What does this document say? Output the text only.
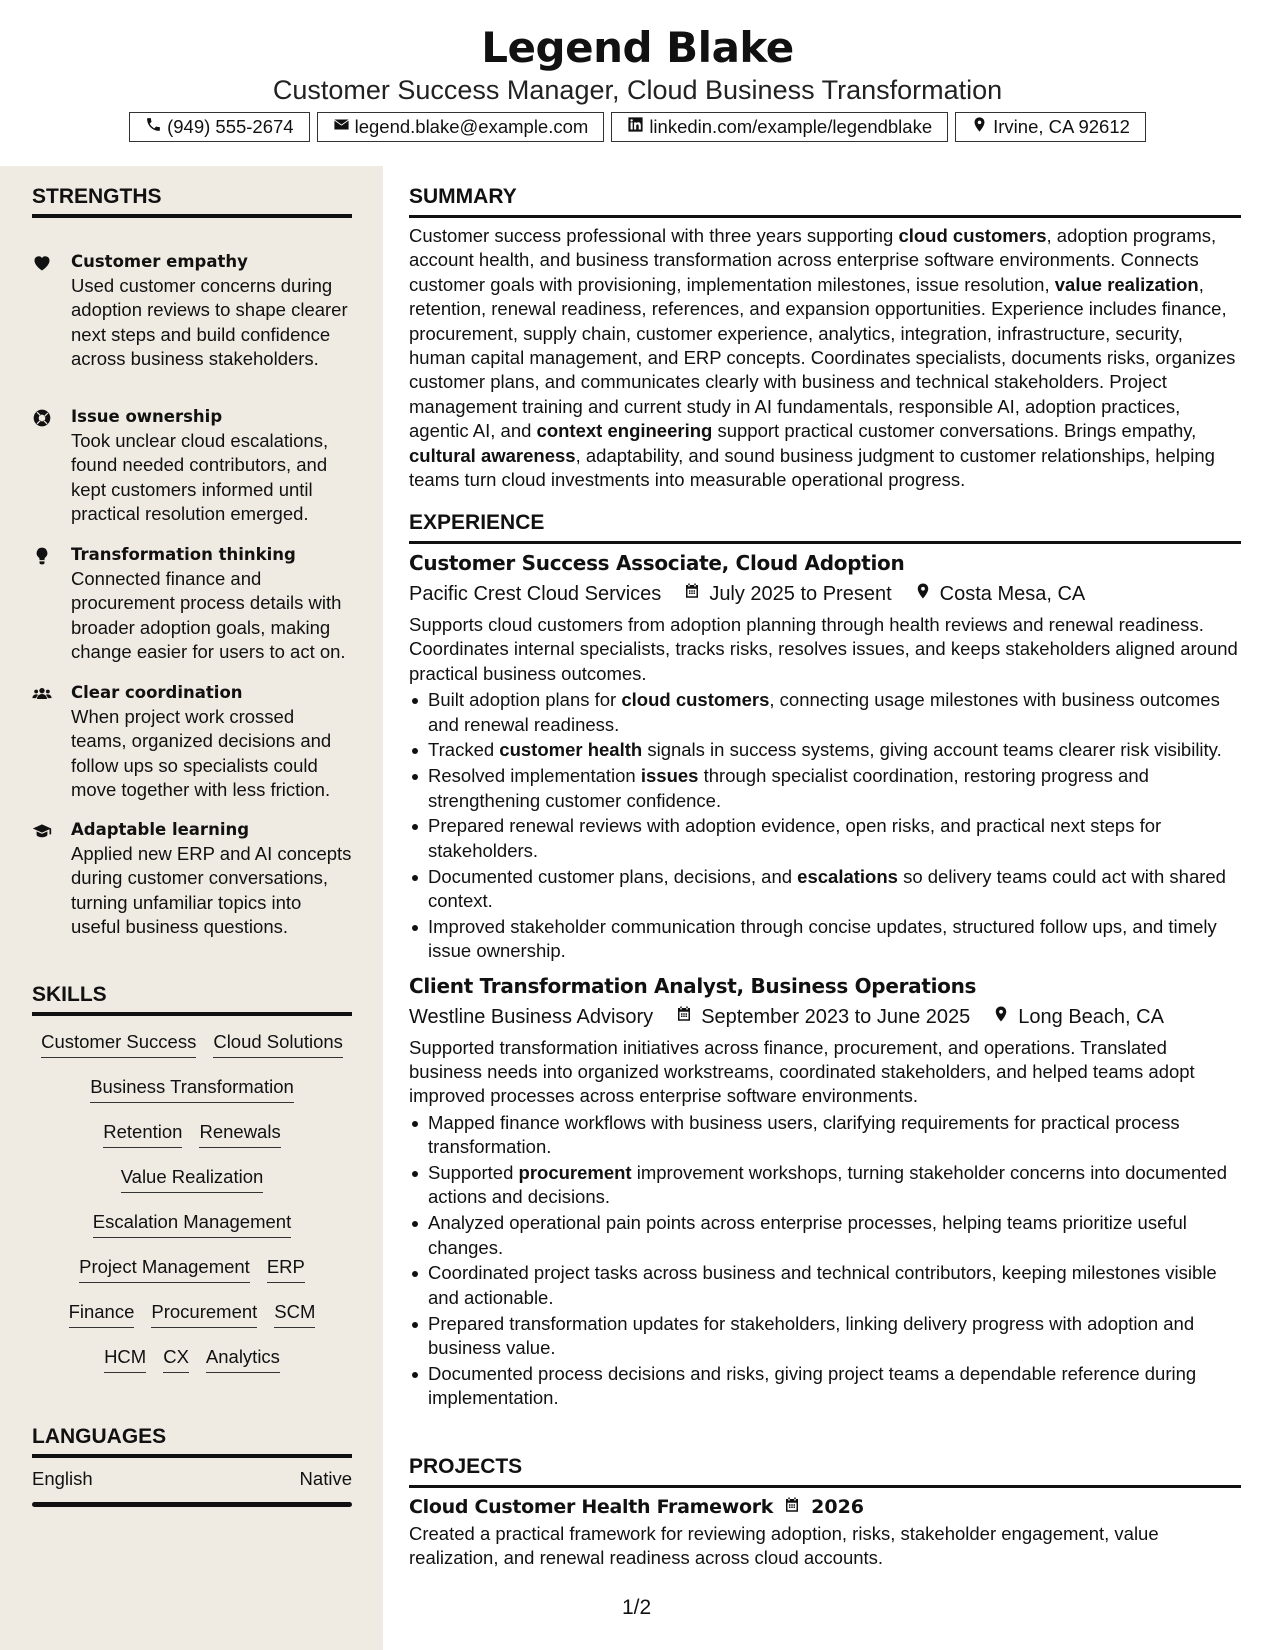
Legend Blake
Customer Success Manager, Cloud Business Transformation
(949) 555-2674	legend.blake@example.com	linkedin.com/example/legendblake	Irvine, CA 92612
STRENGTHS
Customer empathy
Used customer concerns during adoption reviews to shape clearer next steps and build confidence across business stakeholders.
Issue ownership
Took unclear cloud escalations, found needed contributors, and kept customers informed until practical resolution emerged.
Transformation thinking
Connected finance and procurement process details with broader adoption goals, making change easier for users to act on.
Clear coordination
When project work crossed teams, organized decisions and follow ups so specialists could move together with less friction.
Adaptable learning
Applied new ERP and AI concepts during customer conversations, turning unfamiliar topics into useful business questions.
SKILLS
Customer Success Cloud Solutions
Business Transformation
Retention Renewals
Value Realization
Escalation Management
Project Management ERP
Finance Procurement SCM
HCM CX Analytics
LANGUAGES
English	Native
SUMMARY
Customer success professional with three years supporting cloud customers, adoption programs, account health, and business transformation across enterprise software environments. Connects customer goals with provisioning, implementation milestones, issue resolution, value realization, retention, renewal readiness, references, and expansion opportunities. Experience includes finance, procurement, supply chain, customer experience, analytics, integration, infrastructure, security, human capital management, and ERP concepts. Coordinates specialists, documents risks, organizes customer plans, and communicates clearly with business and technical stakeholders. Project management training and current study in AI fundamentals, responsible AI, adoption practices, agentic AI, and context engineering support practical customer conversations. Brings empathy, cultural awareness, adaptability, and sound business judgment to customer relationships, helping teams turn cloud investments into measurable operational progress.
EXPERIENCE
Customer Success Associate, Cloud Adoption
Pacific Crest Cloud Services July 2025 to Present Costa Mesa, CA
Supports cloud customers from adoption planning through health reviews and renewal readiness. Coordinates internal specialists, tracks risks, resolves issues, and keeps stakeholders aligned around practical business outcomes.
Built adoption plans for cloud customers, connecting usage milestones with business outcomes and renewal readiness.
Tracked customer health signals in success systems, giving account teams clearer risk visibility.
Resolved implementation issues through specialist coordination, restoring progress and strengthening customer confidence.
Prepared renewal reviews with adoption evidence, open risks, and practical next steps for stakeholders.
Documented customer plans, decisions, and escalations so delivery teams could act with shared context.
Improved stakeholder communication through concise updates, structured follow ups, and timely issue ownership.
Client Transformation Analyst, Business Operations
Westline Business Advisory September 2023 to June 2025 Long Beach, CA
Supported transformation initiatives across finance, procurement, and operations. Translated business needs into organized workstreams, coordinated stakeholders, and helped teams adopt improved processes across enterprise software environments.
Mapped finance workflows with business users, clarifying requirements for practical process transformation.
Supported procurement improvement workshops, turning stakeholder concerns into documented actions and decisions.
Analyzed operational pain points across enterprise processes, helping teams prioritize useful changes.
Coordinated project tasks across business and technical contributors, keeping milestones visible and actionable.
Prepared transformation updates for stakeholders, linking delivery progress with adoption and business value.
Documented process decisions and risks, giving project teams a dependable reference during implementation.
PROJECTS
Cloud Customer Health Framework 2026
Created a practical framework for reviewing adoption, risks, stakeholder engagement, value realization, and renewal readiness across cloud accounts.
1/2
